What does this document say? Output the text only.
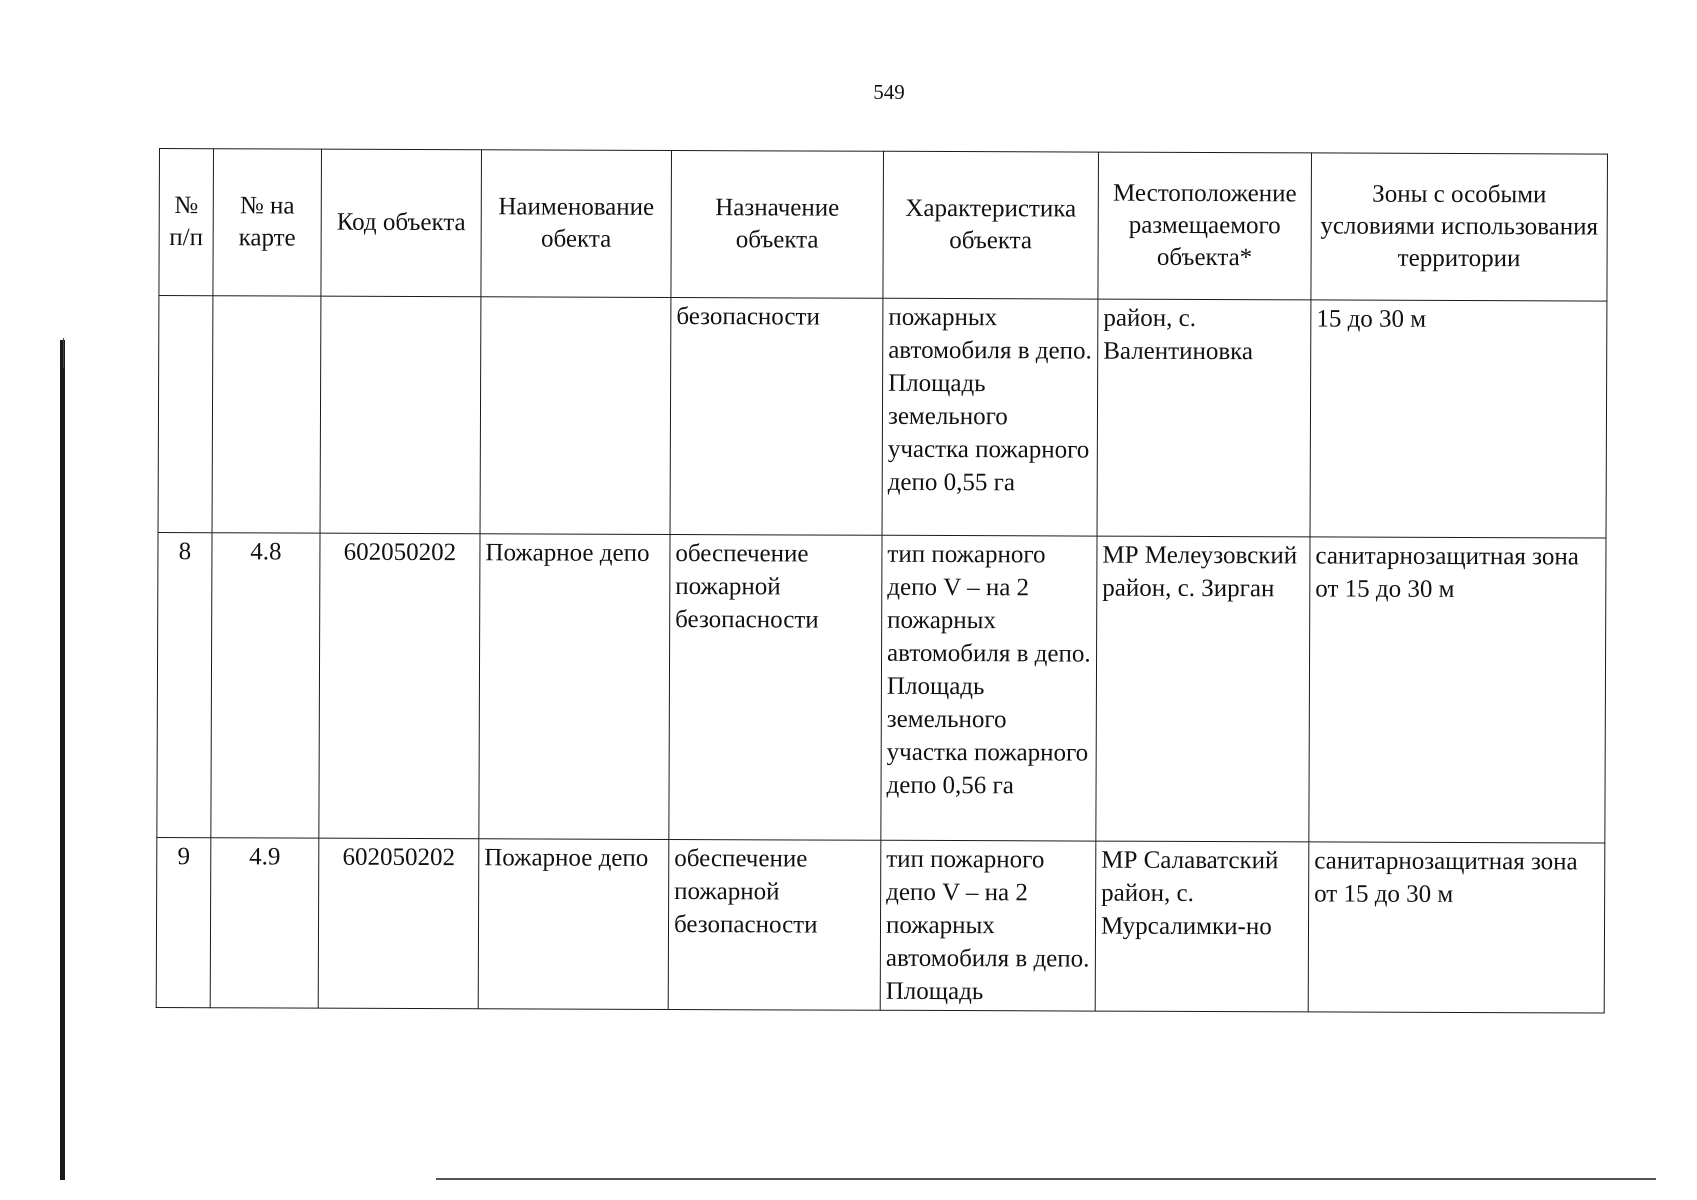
549
№ п/п	№ на карте	Код объекта	Наименование обекта	Назначение объекта	Характеристика объекта	Местоположение размещаемого объекта*	Зоны с особыми условиями использования территории
				безопасности	пожарных автомобиля в депо. Площадь земельного участка пожарного депо 0,55 га	район, с. Валентиновка	15 до 30 м
8	4.8	602050202	Пожарное депо	обеспечение пожарной безопасности	тип пожарного депо V – на 2 пожарных автомобиля в депо. Площадь земельного участка пожарного депо 0,56 га	МР Мелеузовский район, с. Зирган	санитарнозащитная зона от 15 до 30 м
9	4.9	602050202	Пожарное депо	обеспечение пожарной безопасности	тип пожарного депо V – на 2 пожарных автомобиля в депо. Площадь	МР Салаватский район, с. Мурсалимки-но	санитарнозащитная зона от 15 до 30 м
